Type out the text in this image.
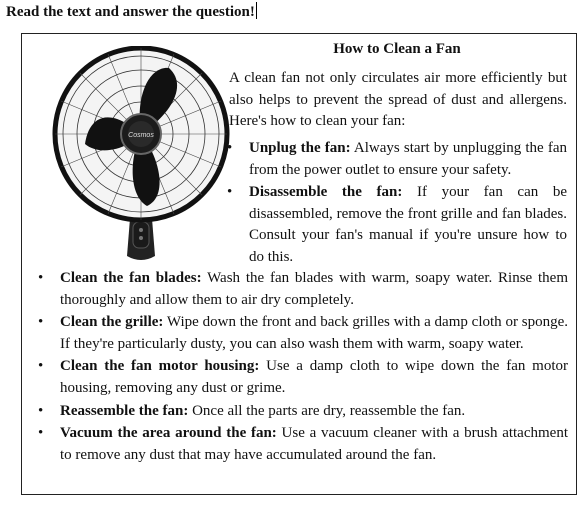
Read the text and answer the question!
Cosmos
How to Clean a Fan
A clean fan not only circulates air more efficiently but also helps to prevent the spread of dust and allergens. Here's how to clean your fan:
• Unplug the fan: Always start by unplugging the fan from the power outlet to ensure your safety.
• Disassemble the fan: If your fan can be disassembled, remove the front grille and fan blades. Consult your fan's manual if you're unsure how to do this.
• Clean the fan blades: Wash the fan blades with warm, soapy water. Rinse them thoroughly and allow them to air dry completely.
• Clean the grille: Wipe down the front and back grilles with a damp cloth or sponge. If they're particularly dusty, you can also wash them with warm, soapy water.
• Clean the fan motor housing: Use a damp cloth to wipe down the fan motor housing, removing any dust or grime.
• Reassemble the fan: Once all the parts are dry, reassemble the fan.
• Vacuum the area around the fan: Use a vacuum cleaner with a brush attachment to remove any dust that may have accumulated around the fan.
